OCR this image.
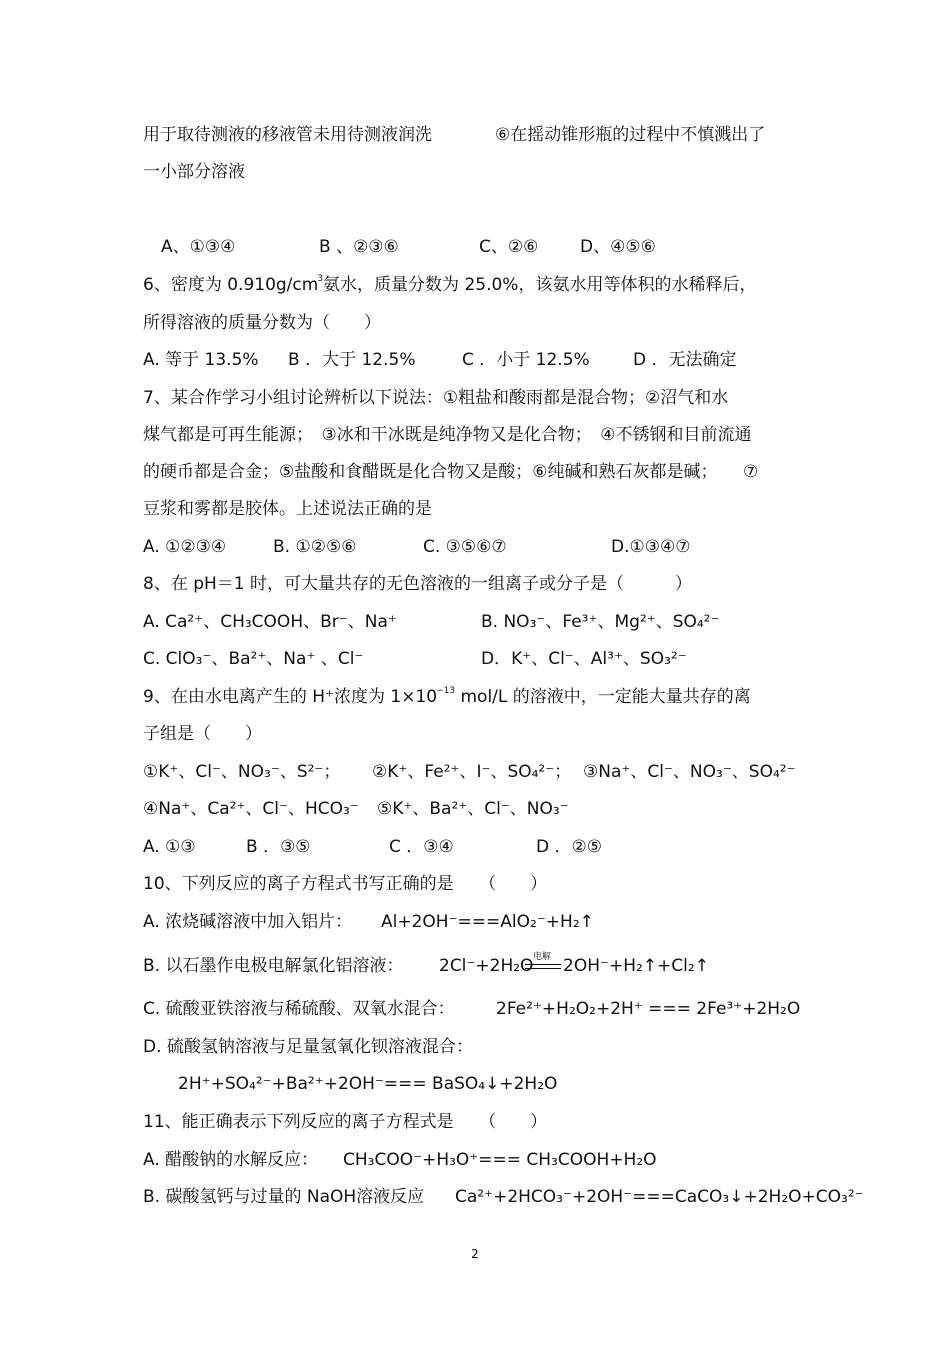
用于取待测液的移液管未用待测液润洗	⑥在摇动锥形瓶的过程中不慎溅出了
一小部分溶液
A、①③④	B 、②③⑥	C、②⑥ D、④⑤⑥
6、密度为 $0.910g/cm^3$氨水，质量分数为 25.0%，该氨水用等体积的水稀释后，
所得溶液的质量分数为（　　）
A. 等于 13.5% B ．大于 12.5%	C ．小于 12.5%	D ．无法确定
7、某合作学习小组讨论辨析以下说法：①粗盐和酸雨都是混合物；②沼气和水
煤气都是可再生能源；　③冰和干冰既是纯净物又是化合物；　④不锈钢和目前流通
的硬币都是合金；⑤盐酸和食醋既是化合物又是酸；⑥纯碱和熟石灰都是碱；　　⑦
豆浆和雾都是胶体。上述说法正确的是
A. ①②③④	B. ①②⑤⑥	C. ③⑤⑥⑦	D.①③④⑦
8、在 pH＝1 时，可大量共存的无色溶液的一组离子或分子是（　　　）
A. Ca²⁺、CH₃COOH、Br⁻、Na⁺	B. NO₃⁻、Fe³⁺、Mg²⁺、SO₄²⁻
C. ClO₃⁻、Ba²⁺、Na⁺ 、Cl⁻	D．K⁺、Cl⁻、Al³⁺、SO₃²⁻
9、在由水电离产生的 H⁺浓度为 $1\times 10^{-13}$ mol/L 的溶液中，一定能大量共存的离
子组是（　　）
①K⁺、Cl⁻、NO₃⁻、S²⁻； ②K⁺、Fe²⁺、I⁻、SO₄²⁻； ③Na⁺、Cl⁻、NO₃⁻、SO₄²⁻
④Na⁺、Ca²⁺、Cl⁻、HCO₃⁻ ⑤K⁺、Ba²⁺、Cl⁻、NO₃⁻
A. ①③	B ．③⑤	C ．③④	D ．②⑤
10、下列反应的离子方程式书写正确的是　　（　　）
A. 浓烧碱溶液中加入铝片： Al+2OH⁻===AlO₂⁻+H₂↑
B. 以石墨作电极电解氯化铝溶液： 2Cl⁻+2H₂O 电解 2OH⁻+H₂↑+Cl₂↑
C. 硫酸亚铁溶液与稀硫酸、双氧水混合： 2Fe²⁺+H₂O₂+2H⁺ === 2Fe³⁺+2H₂O
D. 硫酸氢钠溶液与足量氢氧化钡溶液混合：
2H⁺+SO₄²⁻+Ba²⁺+2OH⁻=== BaSO₄↓+2H₂O
11、能正确表示下列反应的离子方程式是　　（　　）
A. 醋酸钠的水解反应： CH₃COO⁻+H₃O⁺=== CH₃COOH+H₂O
B. 碳酸氢钙与过量的 NaOH溶液反应 Ca²⁺+2HCO₃⁻+2OH⁻===CaCO₃↓+2H₂O+CO₃²⁻
2
